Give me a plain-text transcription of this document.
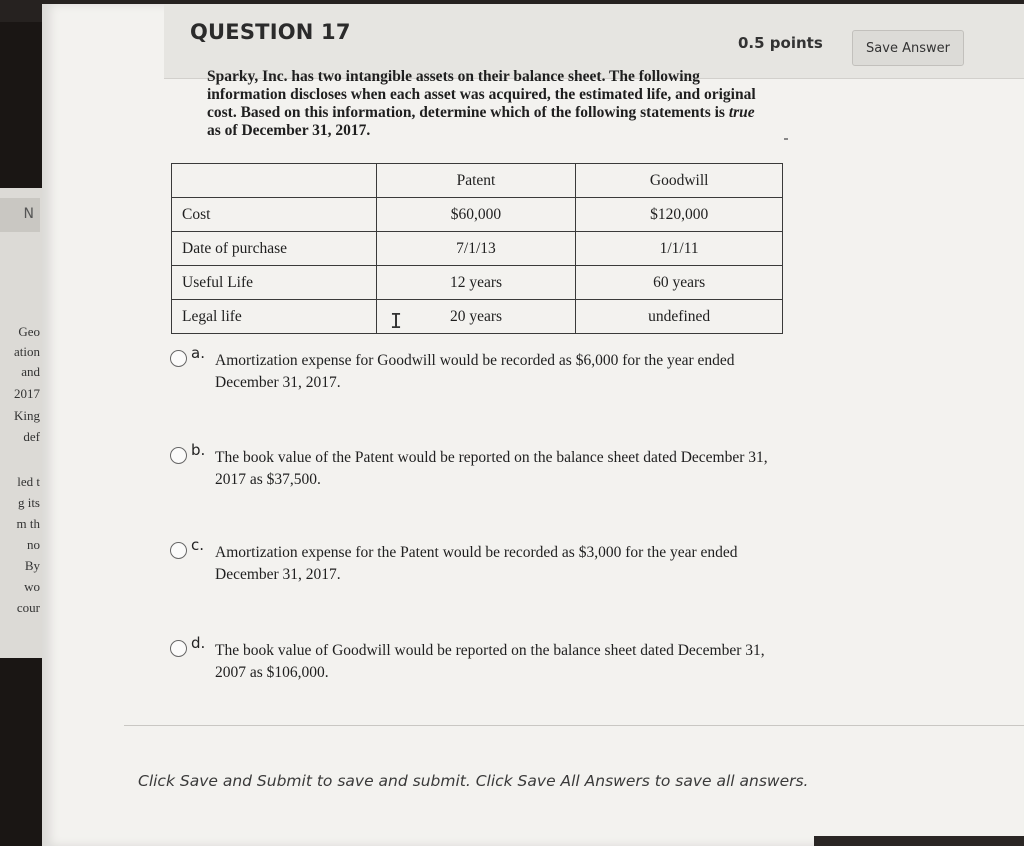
N
Geo
ation
and
2017
King
def
led t
g its
m th
no
By
wo
cour
QUESTION 17	0.5 points	Save Answer
Sparky, Inc. has two intangible assets on their balance sheet. The following information discloses when each asset was acquired, the estimated life, and original cost. Based on this information, determine which of the following statements is true as of December 31, 2017.
	Patent	Goodwill
Cost	$60,000	$120,000
Date of purchase	7/1/13	1/1/11
Useful Life	12 years	60 years
Legal life	20 years	undefined
I
a. Amortization expense for Goodwill would be recorded as $6,000 for the year ended December 31, 2017.
b. The book value of the Patent would be reported on the balance sheet dated December 31, 2017 as $37,500.
c. Amortization expense for the Patent would be recorded as $3,000 for the year ended December 31, 2017.
d. The book value of Goodwill would be reported on the balance sheet dated December 31, 2007 as $106,000.
Click Save and Submit to save and submit. Click Save All Answers to save all answers.
